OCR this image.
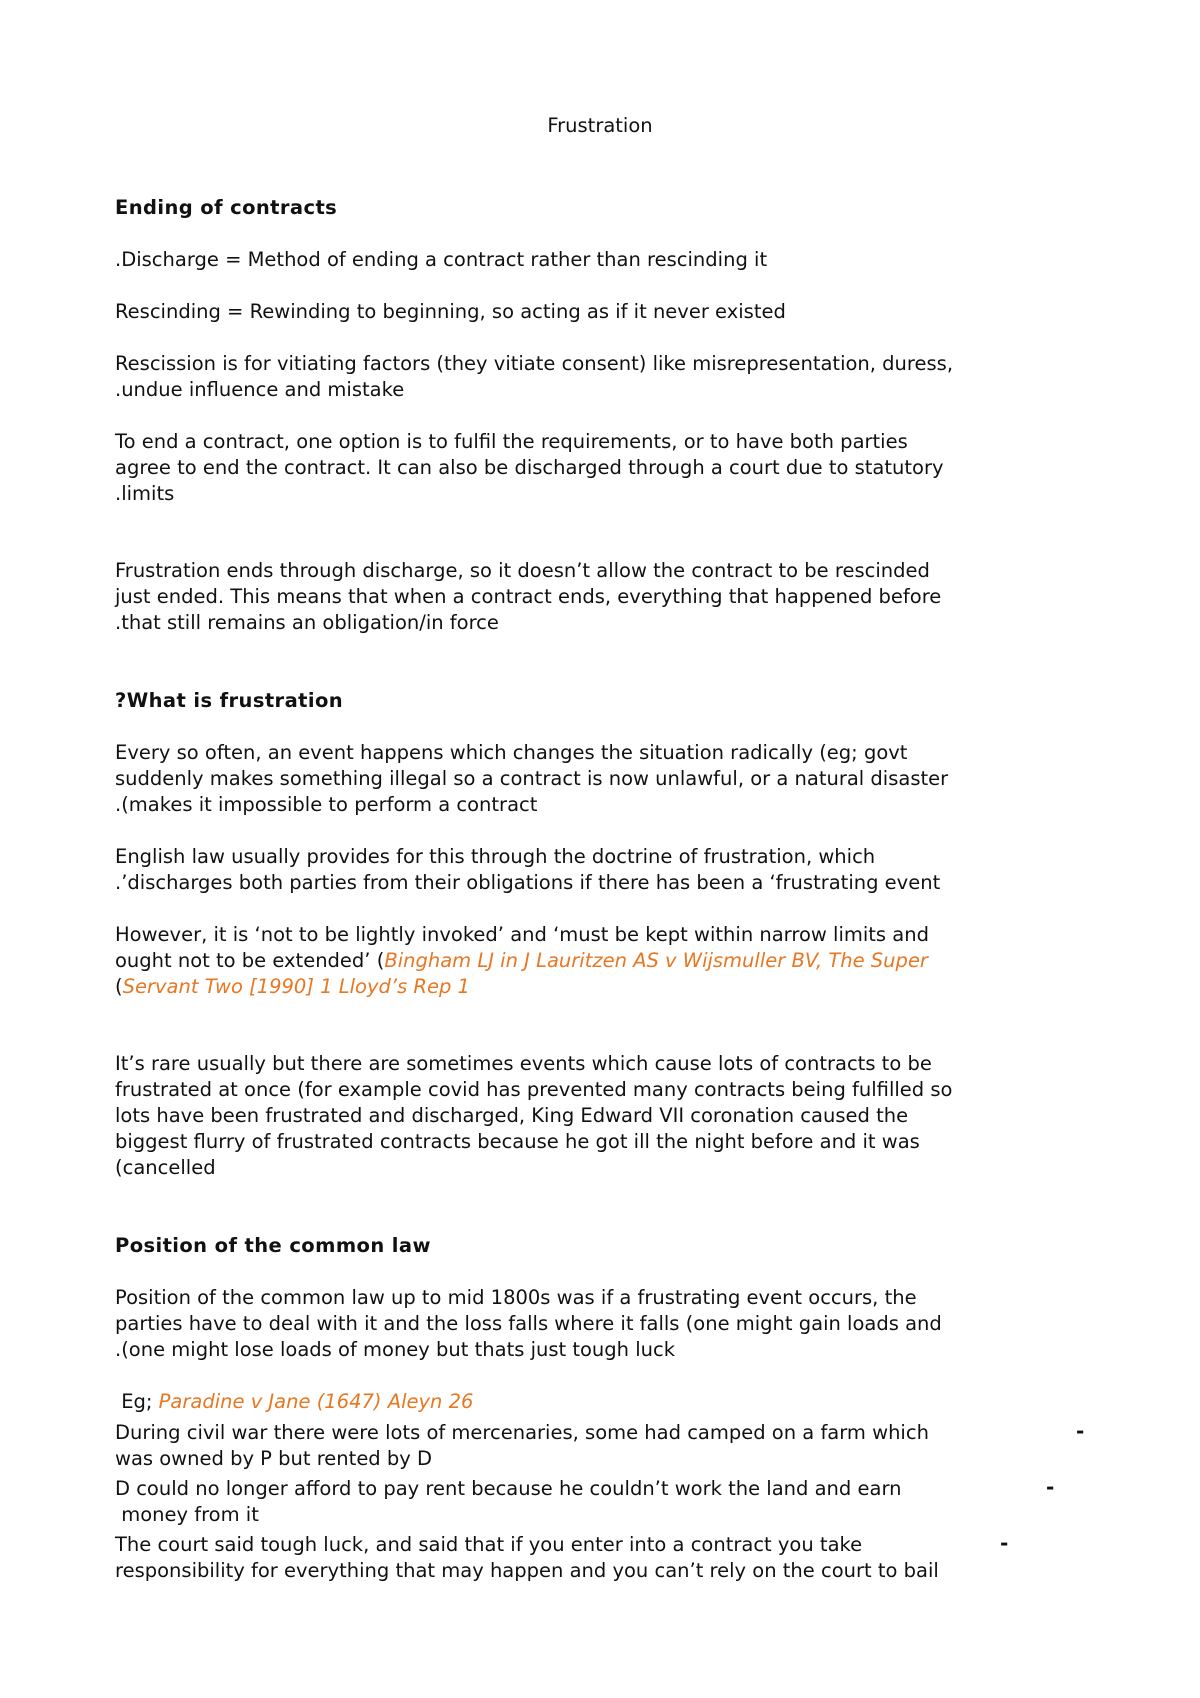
Frustration
Ending of contracts
.Discharge = Method of ending a contract rather than rescinding it
Rescinding = Rewinding to beginning, so acting as if it never existed
Rescission is for vitiating factors (they vitiate consent) like misrepresentation, duress,
.undue influence and mistake
To end a contract, one option is to fulfil the requirements, or to have both parties
agree to end the contract. It can also be discharged through a court due to statutory
.limits
Frustration ends through discharge, so it doesn’t allow the contract to be rescinded
just ended. This means that when a contract ends, everything that happened before
.that still remains an obligation/in force
?What is frustration
Every so often, an event happens which changes the situation radically (eg; govt
suddenly makes something illegal so a contract is now unlawful, or a natural disaster
.(makes it impossible to perform a contract
English law usually provides for this through the doctrine of frustration, which
.’discharges both parties from their obligations if there has been a ‘frustrating event
However, it is ‘not to be lightly invoked’ and ‘must be kept within narrow limits and
ought not to be extended’ (Bingham LJ in J Lauritzen AS v Wijsmuller BV, The Super
(Servant Two [1990] 1 Lloyd’s Rep 1
It’s rare usually but there are sometimes events which cause lots of contracts to be
frustrated at once (for example covid has prevented many contracts being fulfilled so
lots have been frustrated and discharged, King Edward VII coronation caused the
biggest flurry of frustrated contracts because he got ill the night before and it was
(cancelled
Position of the common law
Position of the common law up to mid 1800s was if a frustrating event occurs, the
parties have to deal with it and the loss falls where it falls (one might gain loads and
.(one might lose loads of money but thats just tough luck
Eg; Paradine v Jane (1647) Aleyn 26
During civil war there were lots of mercenaries, some had camped on a farm which
was owned by P but rented by D
-
D could no longer afford to pay rent because he couldn’t work the land and earn
money from it
-
The court said tough luck, and said that if you enter into a contract you take
responsibility for everything that may happen and you can’t rely on the court to bail
-
